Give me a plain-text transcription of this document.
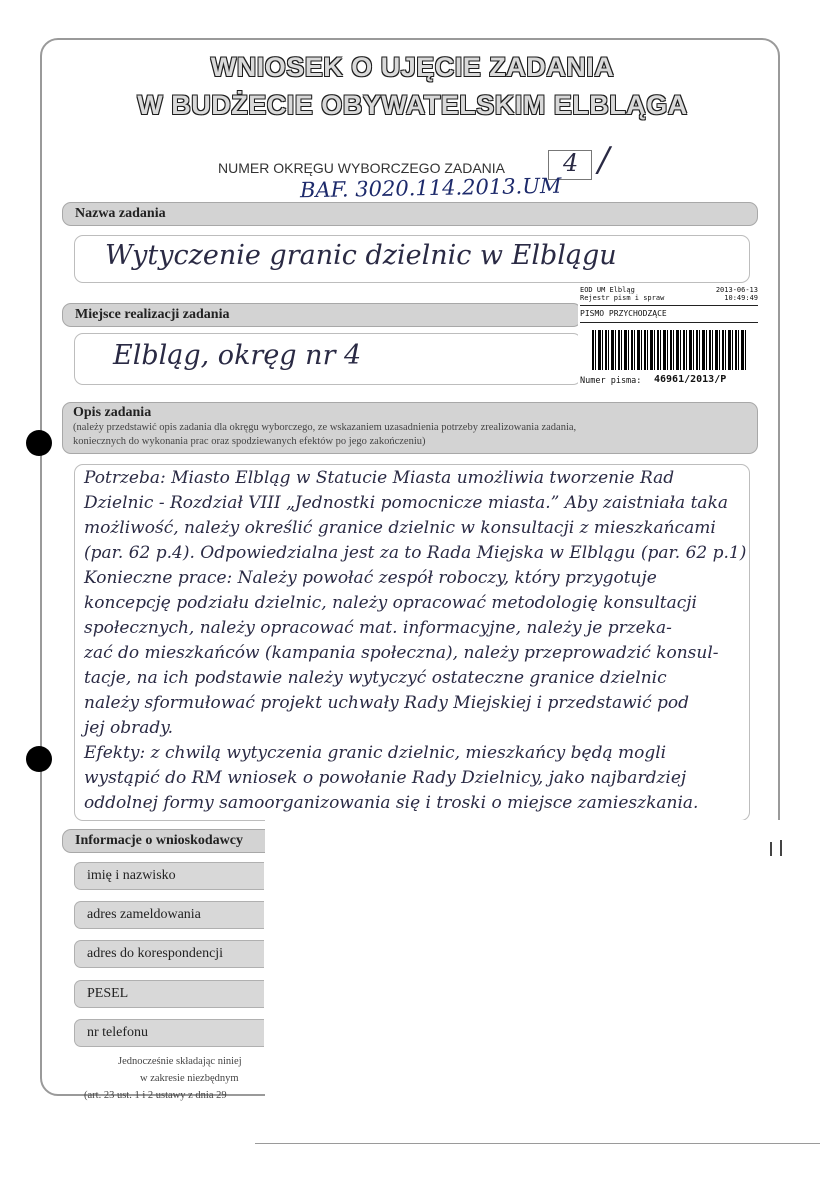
WNIOSEK O UJĘCIE ZADANIA
W BUDŻECIE OBYWATELSKIM ELBLĄGA
NUMER OKRĘGU WYBORCZEGO ZADANIA 4 /
BAF. 3020.114.2013.UM
Nazwa zadania
Wytyczenie granic dzielnic w Elblągu
Miejsce realizacji zadania
Elbląg, okręg nr 4
EOD UM Elbląg
Rejestr pism i spraw
2013-06-13
10:49:49
PISMO PRZYCHODZĄCE
Numer pisma: 46961/2013/P
Opis zadania
(należy przedstawić opis zadania dla okręgu wyborczego, ze wskazaniem uzasadnienia potrzeby zrealizowania zadania,
koniecznych do wykonania prac oraz spodziewanych efektów po jego zakończeniu)
Potrzeba: Miasto Elbląg w Statucie Miasta umożliwia tworzenie Rad
Dzielnic - Rozdział VIII „Jednostki pomocnicze miasta.” Aby zaistniała taka
możliwość, należy określić granice dzielnic w konsultacji z mieszkańcami
(par. 62 p.4). Odpowiedzialna jest za to Rada Miejska w Elblągu (par. 62 p.1)
Konieczne prace: Należy powołać zespół roboczy, który przygotuje
koncepcję podziału dzielnic, należy opracować metodologię konsultacji
społecznych, należy opracować mat. informacyjne, należy je przeka-
zać do mieszkańców (kampania społeczna), należy przeprowadzić konsul-
tacje, na ich podstawie należy wytyczyć ostateczne granice dzielnic
należy sformułować projekt uchwały Rady Miejskiej i przedstawić pod
jej obrady.
Efekty: z chwilą wytyczenia granic dzielnic, mieszkańcy będą mogli
wystąpić do RM wniosek o powołanie Rady Dzielnicy, jako najbardziej
oddolnej formy samoorganizowania się i troski o miejsce zamieszkania.
Informacje o wnioskodawcy
imię i nazwisko
adres zameldowania
adres do korespondencji
PESEL
nr telefonu
Jednocześnie składając niniej
w zakresie niezbędnym
(art. 23 ust. 1 i 2 ustawy z dnia 29
